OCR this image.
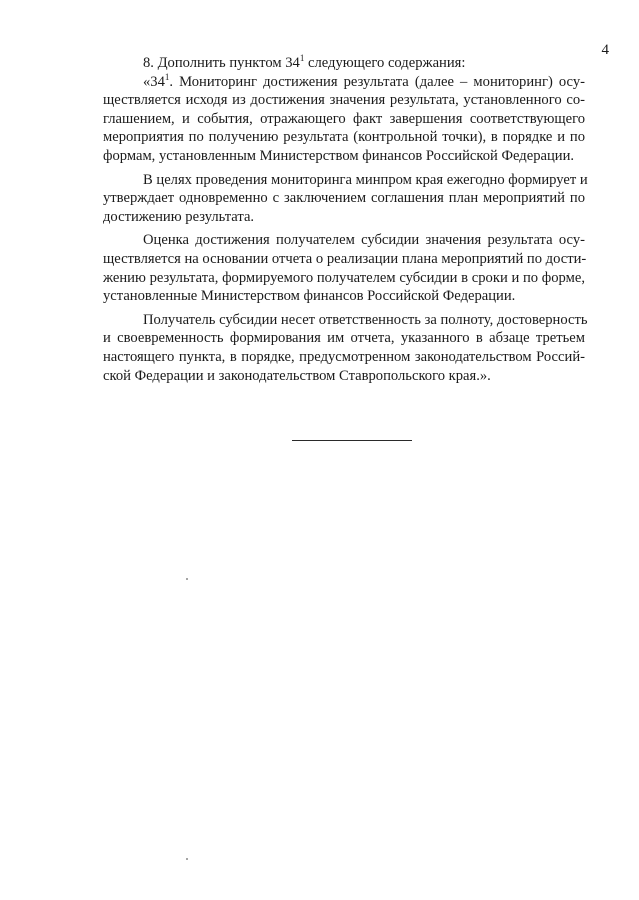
4
8. Дополнить пунктом $34^1$ следующего содержания:
«$34^1$. Мониторинг достижения результата (далее – мониторинг) осу-
ществляется исходя из достижения значения результата, установленного со-
глашением, и события, отражающего факт завершения соответствующего
мероприятия по получению результата (контрольной точки), в порядке и по
формам, установленным Министерством финансов Российской Федерации.
В целях проведения мониторинга минпром края ежегодно формирует и
утверждает одновременно с заключением соглашения план мероприятий по
достижению результата.
Оценка достижения получателем субсидии значения результата осу-
ществляется на основании отчета о реализации плана мероприятий по дости-
жению результата, формируемого получателем субсидии в сроки и по форме,
установленные Министерством финансов Российской Федерации.
Получатель субсидии несет ответственность за полноту, достоверность
и своевременность формирования им отчета, указанного в абзаце третьем
настоящего пункта, в порядке, предусмотренном законодательством Россий-
ской Федерации и законодательством Ставропольского края.».
